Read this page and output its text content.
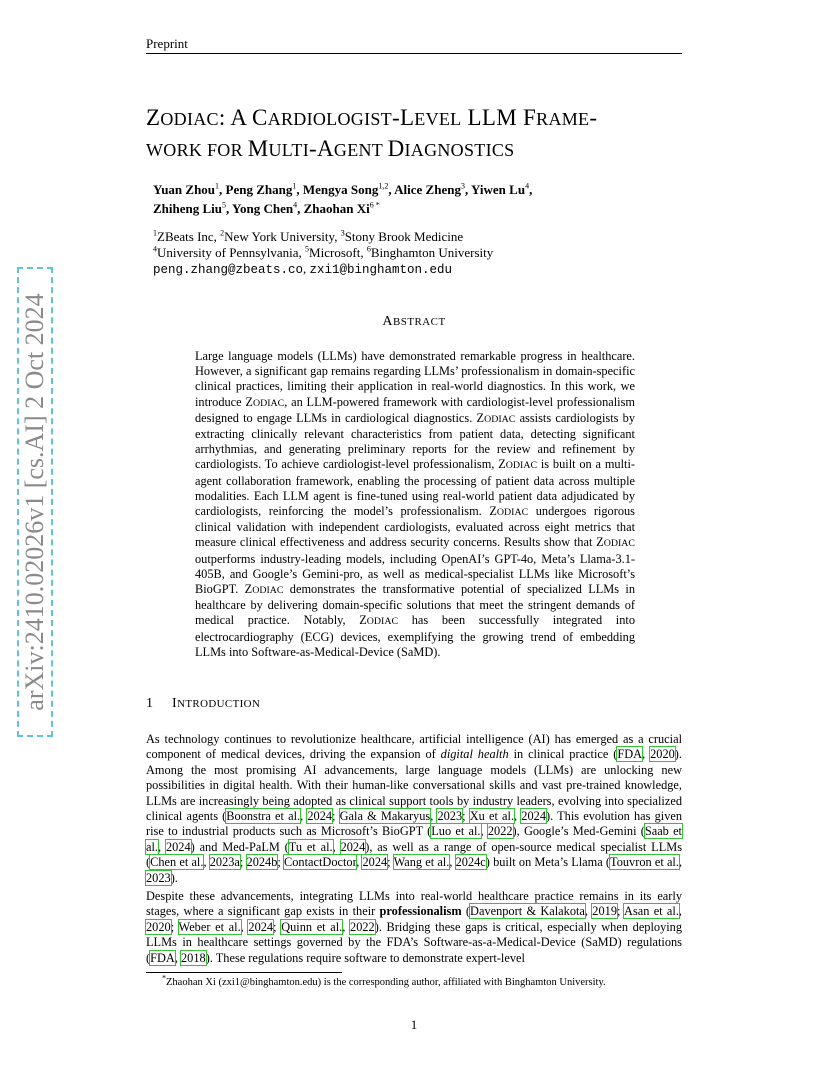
arXiv:2410.02026v1 [cs.AI] 2 Oct 2024
Preprint
ZODIAC: A CARDIOLOGIST-LEVEL LLM FRAME-
WORK FOR MULTI-AGENT DIAGNOSTICS
Yuan Zhou$^1$, Peng Zhang$^1$, Mengya Song$^{1,2}$, Alice Zheng$^3$, Yiwen Lu$^4$,
Zhiheng Liu$^5$, Yong Chen$^4$, Zhaohan $Xi^{6 *}$
$^1$ZBeats Inc, $^2$New York University, $^3$Stony Brook Medicine
$^4$University of Pennsylvania, $^5$Microsoft, $^6$Binghamton University
peng.zhang@zbeats.co, zxi1@binghamton.edu
ABSTRACT
Large language models (LLMs) have demonstrated remarkable progress in healthcare. However, a significant gap remains regarding LLMs’ professionalism in domain-specific clinical practices, limiting their application in real-world diagnostics. In this work, we introduce ZODIAC, an LLM-powered framework with cardiologist-level professionalism designed to engage LLMs in cardiological diagnostics. ZODIAC assists cardiologists by extracting clinically relevant characteristics from patient data, detecting significant arrhythmias, and generating preliminary reports for the review and refinement by cardiologists. To achieve cardiologist-level professionalism, ZODIAC is built on a multi-agent collaboration framework, enabling the processing of patient data across multiple modalities. Each LLM agent is fine-tuned using real-world patient data adjudicated by cardiologists, reinforcing the model’s professionalism. ZODIAC undergoes rigorous clinical validation with independent cardiologists, evaluated across eight metrics that measure clinical effectiveness and address security concerns. Results show that ZODIAC outperforms industry-leading models, including OpenAI’s GPT-4o, Meta’s Llama-3.1-405B, and Google’s Gemini-pro, as well as medical-specialist LLMs like Microsoft’s BioGPT. ZODIAC demonstrates the transformative potential of specialized LLMs in healthcare by delivering domain-specific solutions that meet the stringent demands of medical practice. Notably, ZODIAC has been successfully integrated into electrocardiography (ECG) devices, exemplifying the growing trend of embedding LLMs into Software-as-Medical-Device (SaMD).
1 INTRODUCTION
As technology continues to revolutionize healthcare, artificial intelligence (AI) has emerged as a crucial component of medical devices, driving the expansion of digital health in clinical practice (FDA, 2020). Among the most promising AI advancements, large language models (LLMs) are unlocking new possibilities in digital health. With their human-like conversational skills and vast pre-trained knowledge, LLMs are increasingly being adopted as clinical support tools by industry leaders, evolving into specialized clinical agents (Boonstra et al., 2024; Gala & Makaryus, 2023; Xu et al., 2024). This evolution has given rise to industrial products such as Microsoft’s BioGPT (Luo et al., 2022), Google’s Med-Gemini (Saab et al., 2024) and Med-PaLM (Tu et al., 2024), as well as a range of open-source medical specialist LLMs (Chen et al., 2023a; 2024b; ContactDoctor, 2024; Wang et al., 2024c) built on Meta’s Llama (Touvron et al., 2023).
Despite these advancements, integrating LLMs into real-world healthcare practice remains in its early stages, where a significant gap exists in their professionalism (Davenport & Kalakota, 2019; Asan et al., 2020; Weber et al., 2024; Quinn et al., 2022). Bridging these gaps is critical, especially when deploying LLMs in healthcare settings governed by the FDA’s Software-as-a-Medical-Device (SaMD) regulations (FDA, 2018). These regulations require software to demonstrate expert-level
*Zhaohan Xi (zxi1@binghamton.edu) is the corresponding author, affiliated with Binghamton University.
1
